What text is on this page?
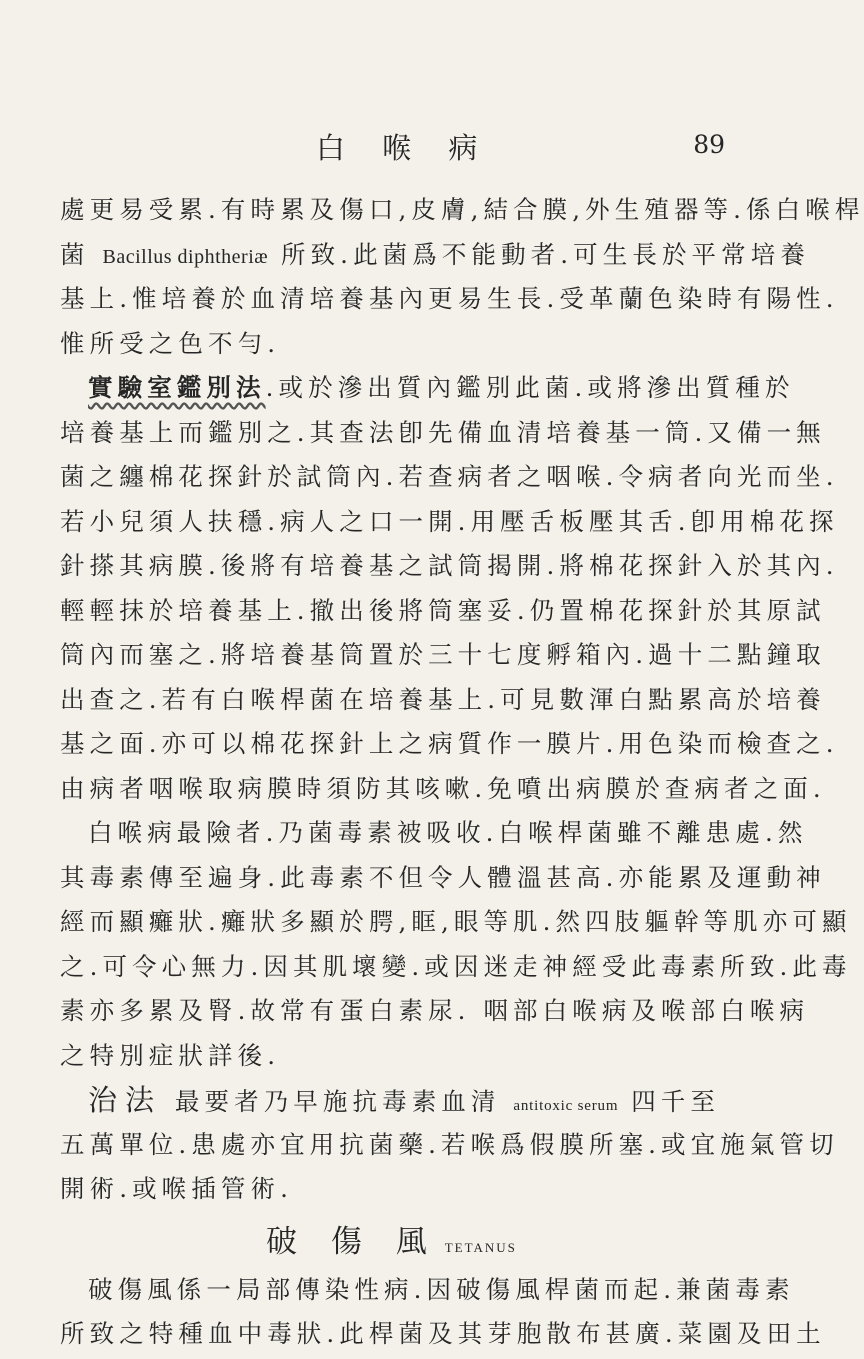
白 喉 病	89
處更易受累.有時累及傷口,皮膚,結合膜,外生殖器等.係白喉桿
菌 Bacillus diphtheriæ 所致.此菌爲不能動者.可生長於平常培養
基上.惟培養於血清培養基內更易生長.受革蘭色染時有陽性.
惟所受之色不勻.
實驗室鑑別法.或於滲出質內鑑別此菌.或將滲出質種於
培養基上而鑑別之.其查法卽先備血清培養基一筒.又備一無
菌之纏棉花探針於試筒內.若查病者之咽喉.令病者向光而坐.
若小兒須人扶穩.病人之口一開.用壓舌板壓其舌.卽用棉花探
針搽其病膜.後將有培養基之試筒揭開.將棉花探針入於其內.
輕輕抹於培養基上.撤出後將筒塞妥.仍置棉花探針於其原試
筒內而塞之.將培養基筒置於三十七度孵箱內.過十二點鐘取
出查之.若有白喉桿菌在培養基上.可見數渾白點累高於培養
基之面.亦可以棉花探針上之病質作一膜片.用色染而檢查之.
由病者咽喉取病膜時須防其咳嗽.免噴出病膜於查病者之面.
白喉病最險者.乃菌毒素被吸收.白喉桿菌雖不離患處.然
其毒素傳至遍身.此毒素不但令人體溫甚高.亦能累及運動神
經而顯癱狀.癱狀多顯於腭,眶,眼等肌.然四肢軀幹等肌亦可顯
之.可令心無力.因其肌壞變.或因迷走神經受此毒素所致.此毒
素亦多累及腎.故常有蛋白素尿. 咽部白喉病及喉部白喉病
之特別症狀詳後.
治法 最要者乃早施抗毒素血清 antitoxic serum 四千至
五萬單位.患處亦宜用抗菌藥.若喉爲假膜所塞.或宜施氣管切
開術.或喉插管術.
破 傷 風 TETANUS
破傷風係一局部傳染性病.因破傷風桿菌而起.兼菌毒素
所致之特種血中毒狀.此桿菌及其芽胞散布甚廣.菜園及田土
